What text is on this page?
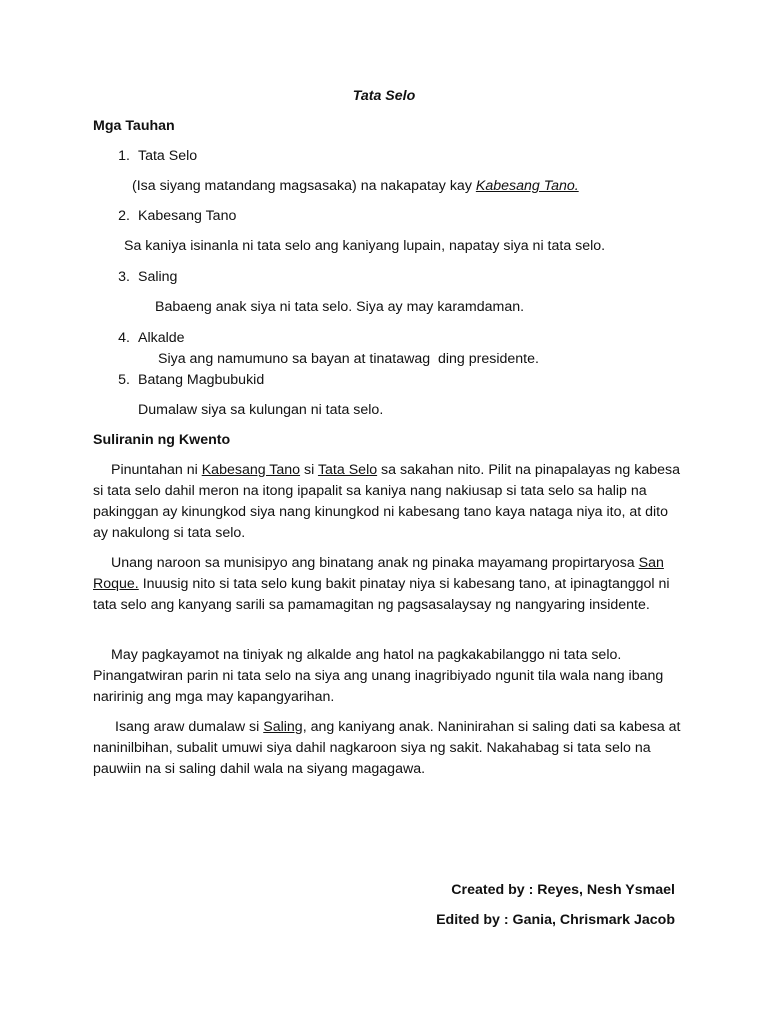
Tata Selo
Mga Tauhan
1. Tata Selo
(Isa siyang matandang magsasaka) na nakapatay kay Kabesang Tano.
2. Kabesang Tano
Sa kaniya isinanla ni tata selo ang kaniyang lupain, napatay siya ni tata selo.
3. Saling
Babaeng anak siya ni tata selo. Siya ay may karamdaman.
4. Alkalde
Siya ang namumuno sa bayan at tinatawag  ding presidente.
5. Batang Magbubukid
Dumalaw siya sa kulungan ni tata selo.
Suliranin ng Kwento
Pinuntahan ni Kabesang Tano si Tata Selo sa sakahan nito. Pilit na pinapalayas ng kabesa si tata selo dahil meron na itong ipapalit sa kaniya nang nakiusap si tata selo sa halip na pakinggan ay kinungkod siya nang kinungkod ni kabesang tano kaya nataga niya ito, at dito ay nakulong si tata selo.
Unang naroon sa munisipyo ang binatang anak ng pinaka mayamang propirtaryosa San Roque. Inuusig nito si tata selo kung bakit pinatay niya si kabesang tano, at ipinagtanggol ni tata selo ang kanyang sarili sa pamamagitan ng pagsasalaysay ng nangyaring insidente.
May pagkayamot na tiniyak ng alkalde ang hatol na pagkakabilanggo ni tata selo. Pinangatwiran parin ni tata selo na siya ang unang inagribiyado ngunit tila wala nang ibang naririnig ang mga may kapangyarihan.
Isang araw dumalaw si Saling, ang kaniyang anak. Naninirahan si saling dati sa kabesa at naninilbihan, subalit umuwi siya dahil nagkaroon siya ng sakit. Nakahabag si tata selo na pauwiin na si saling dahil wala na siyang magagawa.
Created by : Reyes, Nesh Ysmael
Edited by : Gania, Chrismark Jacob
